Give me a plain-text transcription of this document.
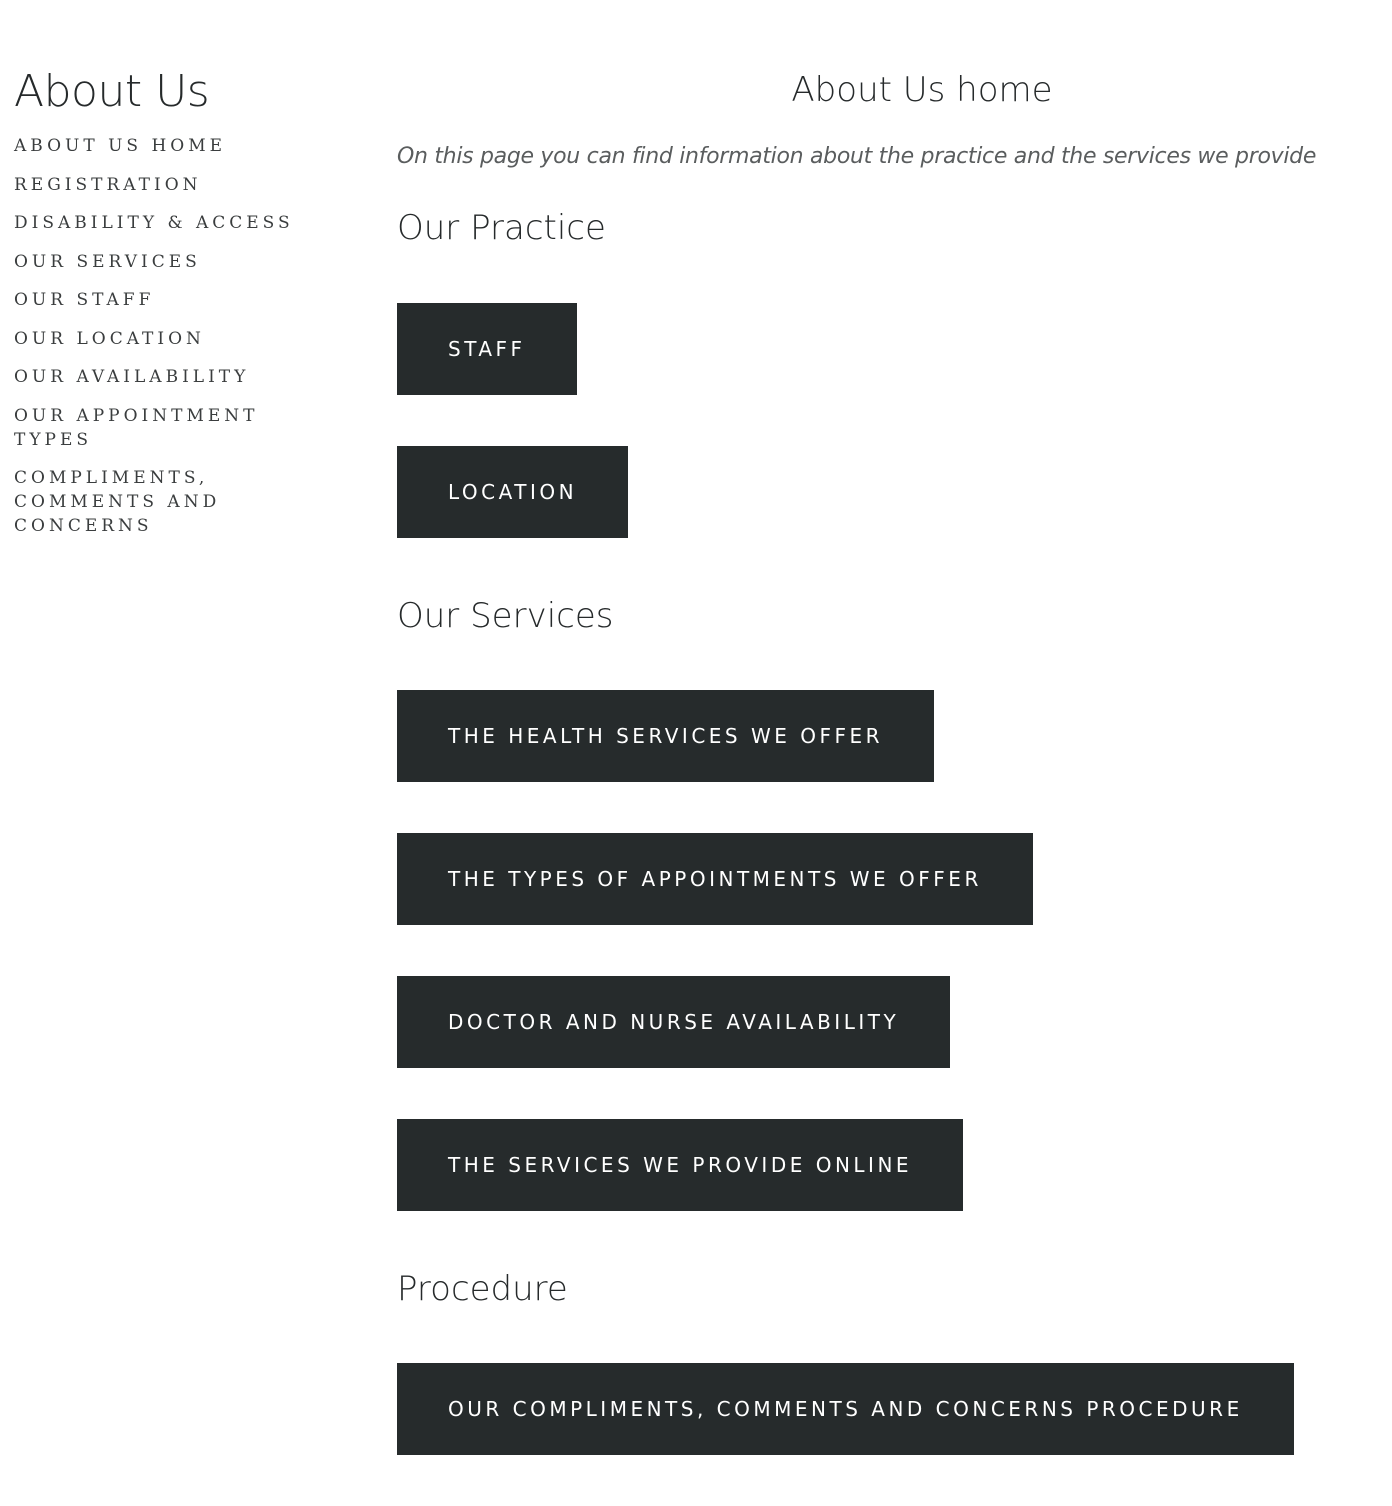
About Us
ABOUT US HOME
REGISTRATION
DISABILITY & ACCESS
OUR SERVICES
OUR STAFF
OUR LOCATION
OUR AVAILABILITY
OUR APPOINTMENT TYPES
COMPLIMENTS, COMMENTS AND CONCERNS
About Us home

On this page you can find information about the practice and the services we provide

Our Practice
STAFF
LOCATION
Our Services
THE HEALTH SERVICES WE OFFER
THE TYPES OF APPOINTMENTS WE OFFER
DOCTOR AND NURSE AVAILABILITY
THE SERVICES WE PROVIDE ONLINE
Procedure
OUR COMPLIMENTS, COMMENTS AND CONCERNS PROCEDURE
